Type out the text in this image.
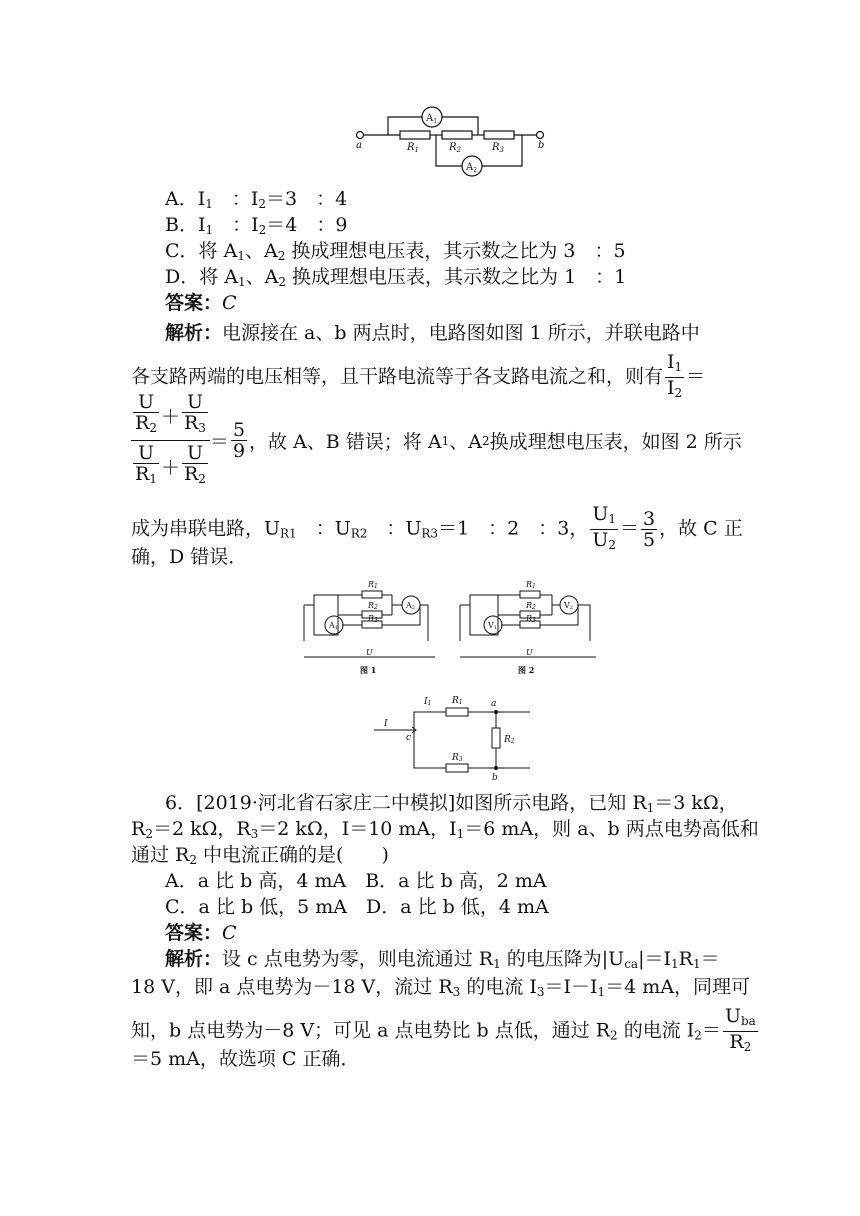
a	b
$R_1$	$R_2$	$R_3$
$A_1$
$A_2$
A．$I_1$　：$I_2=3$　：4
B．$I_1$　：$I_2=4$　：9
C．将 $A_1$、$A_2$ 换成理想电压表，其示数之比为 3　：5
D．将 $A_1$、$A_2$ 换成理想电压表，其示数之比为 1　：1
答案：C
解析：电源接在 a、b 两点时，电路图如图 1 所示，并联电路中
各支路两端的电压相等，且干路电流等于各支路电流之和，则有 $\frac{I_1}{I_2}$ ＝
$\frac{U}{R_2} + \frac{U}{R_3}$
$\frac{U}{R_1} + \frac{U}{R_2}$
＝ $\frac{5}{9}$ ，故 A、B 错误；将 A 1 、A 2 换成理想电压表，如图 2 所示
成为串联电路，$U_{R1}$　：$U_{R2}$　：$U_{R3}=1$　：2　：3， $\frac{U_1}{U_2} = \frac{3}{5}$ ，故 C 正
确，D 错误．
R1
R2
R3
A2
A1
U
图 1
R1
R2
R3
V2
V1
U
图 2
I
I1
c
a
b
R1
R2
R3
6．[2019·河北省石家庄二中模拟]如图所示电路，已知 $R_1=3$ kΩ，
$R_2=2$ kΩ，$R_3=2$ kΩ，I＝10 mA，$I_1=6$ mA，则 a、b 两点电势高低和
通过 $R_2$ 中电流正确的是(　　)
A．a 比 b 高，4 mA　B．a 比 b 高，2 mA
C．a 比 b 低，5 mA　D．a 比 b 低，4 mA
答案：C
解析：设 c 点电势为零，则电流通过 $R_1$ 的电压降为$|U_{ca}|=I_1R_1=$
18 V，即 a 点电势为－18 V，流过 $R_3$ 的电流 $I_3=I-I_1=4$ mA，同理可
知，b 点电势为－8 V；可见 a 点电势比 b 点低，通过 $R_2$ 的电流 $I_2= \frac{U_{ba}}{R_2}$
＝5 mA，故选项 C 正确．
